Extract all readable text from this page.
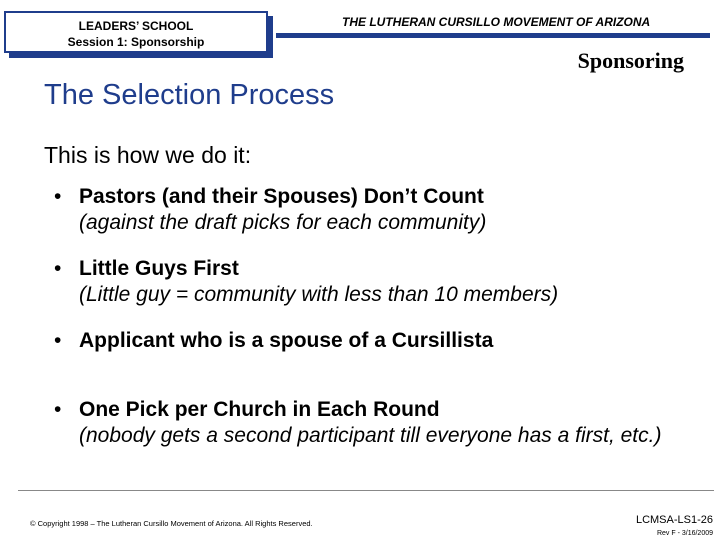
LEADERS’ SCHOOL
Session 1: Sponsorship
THE LUTHERAN CURSILLO MOVEMENT OF ARIZONA
Sponsoring
The Selection Process
This is how we do it:
• Pastors (and their Spouses) Don’t Count
(against the draft picks for each community)
• Little Guys First
(Little guy = community with less than 10 members)
• Applicant who is a spouse of a Cursillista
• One Pick per Church in Each Round
(nobody gets a second participant till everyone has a first, etc.)
© Copyright 1998 – The Lutheran Cursillo Movement of Arizona. All Rights Reserved.	LCMSA-LS1-26
Rev F - 3/16/2009
